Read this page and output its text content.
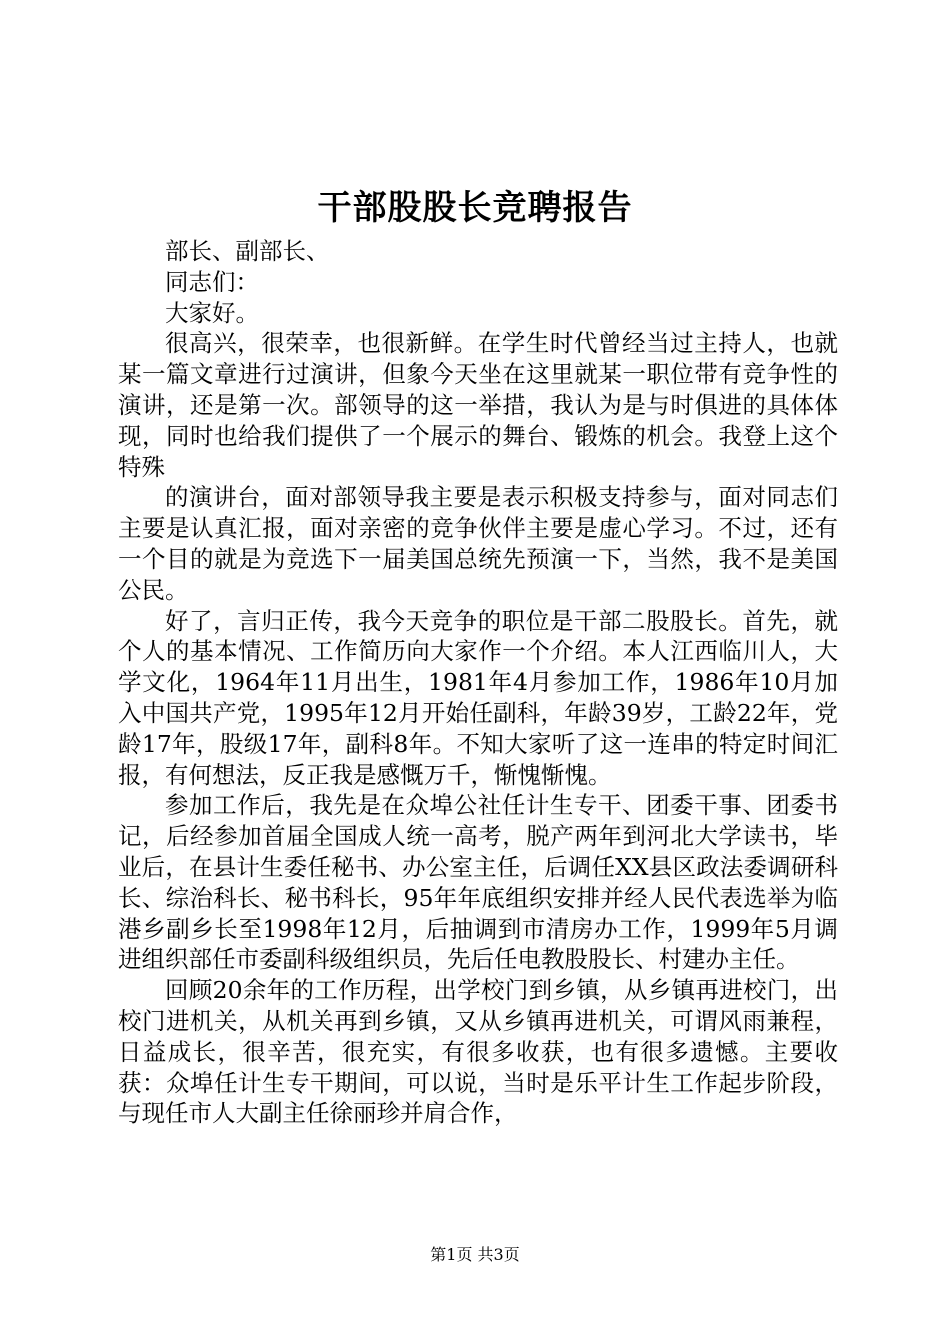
干部股股长竞聘报告

部长、副部长、

同志们：

大家好。

很高兴，很荣幸，也很新鲜。在学生时代曾经当过主持人，也就某一篇文章进行过演讲，但象今天坐在这里就某一职位带有竞争性的演讲，还是第一次。部领导的这一举措，我认为是与时俱进的具体体现，同时也给我们提供了一个展示的舞台、锻炼的机会。我登上这个特殊

的演讲台，面对部领导我主要是表示积极支持参与，面对同志们主要是认真汇报，面对亲密的竞争伙伴主要是虚心学习。不过，还有一个目的就是为竞选下一届美国总统先预演一下，当然，我不是美国公民。

好了，言归正传，我今天竞争的职位是干部二股股长。首先，就个人的基本情况、工作简历向大家作一个介绍。本人江西临川人，大学文化，1964年11月出生，1981年4月参加工作，1986年10月加入中国共产党，1995年12月开始任副科，年龄39岁，工龄22年，党龄17年，股级17年，副科8年。不知大家听了这一连串的特定时间汇报，有何想法，反正我是感慨万千，惭愧惭愧。

参加工作后，我先是在众埠公社任计生专干、团委干事、团委书记，后经参加首届全国成人统一高考，脱产两年到河北大学读书，毕业后，在县计生委任秘书、办公室主任，后调任XX县区政法委调研科长、综治科长、秘书科长，95年年底组织安排并经人民代表选举为临港乡副乡长至1998年12月，后抽调到市清房办工作，1999年5月调进组织部任市委副科级组织员，先后任电教股股长、村建办主任。

回顾20余年的工作历程，出学校门到乡镇，从乡镇再进校门，出校门进机关，从机关再到乡镇，又从乡镇再进机关，可谓风雨兼程，日益成长，很辛苦，很充实，有很多收获，也有很多遗憾。主要收获：众埠任计生专干期间，可以说，当时是乐平计生工作起步阶段，与现任市人大副主任徐丽珍并肩合作，

第1页 共3页
